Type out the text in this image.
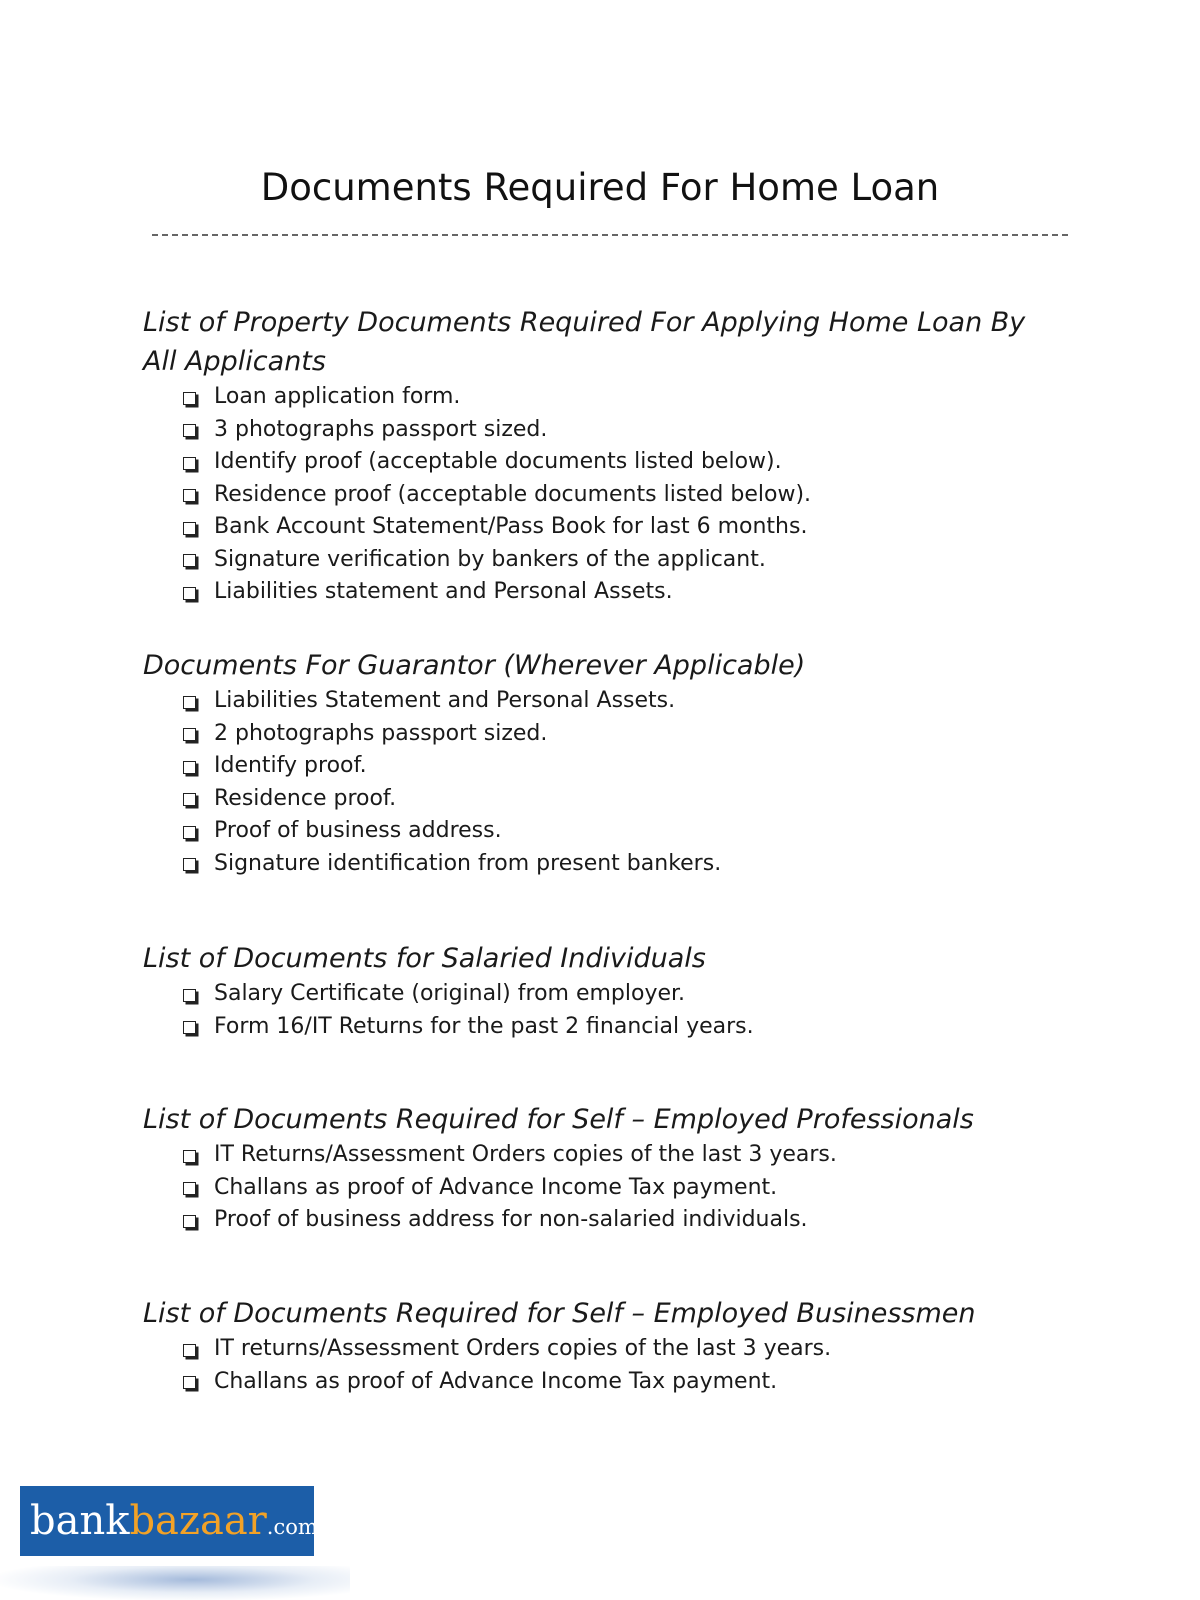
Documents Required For Home Loan
List of Property Documents Required For Applying Home Loan By All Applicants
Loan application form.
3 photographs passport sized.
Identify proof (acceptable documents listed below).
Residence proof (acceptable documents listed below).
Bank Account Statement/Pass Book for last 6 months.
Signature verification by bankers of the applicant.
Liabilities statement and Personal Assets.
Documents For Guarantor (Wherever Applicable)
Liabilities Statement and Personal Assets.
2 photographs passport sized.
Identify proof.
Residence proof.
Proof of business address.
Signature identification from present bankers.
List of Documents for Salaried Individuals
Salary Certificate (original) from employer.
Form 16/IT Returns for the past 2 financial years.
List of Documents Required for Self – Employed Professionals
IT Returns/Assessment Orders copies of the last 3 years.
Challans as proof of Advance Income Tax payment.
Proof of business address for non-salaried individuals.
List of Documents Required for Self – Employed Businessmen
IT returns/Assessment Orders copies of the last 3 years.
Challans as proof of Advance Income Tax payment.
bank bazaar .com
